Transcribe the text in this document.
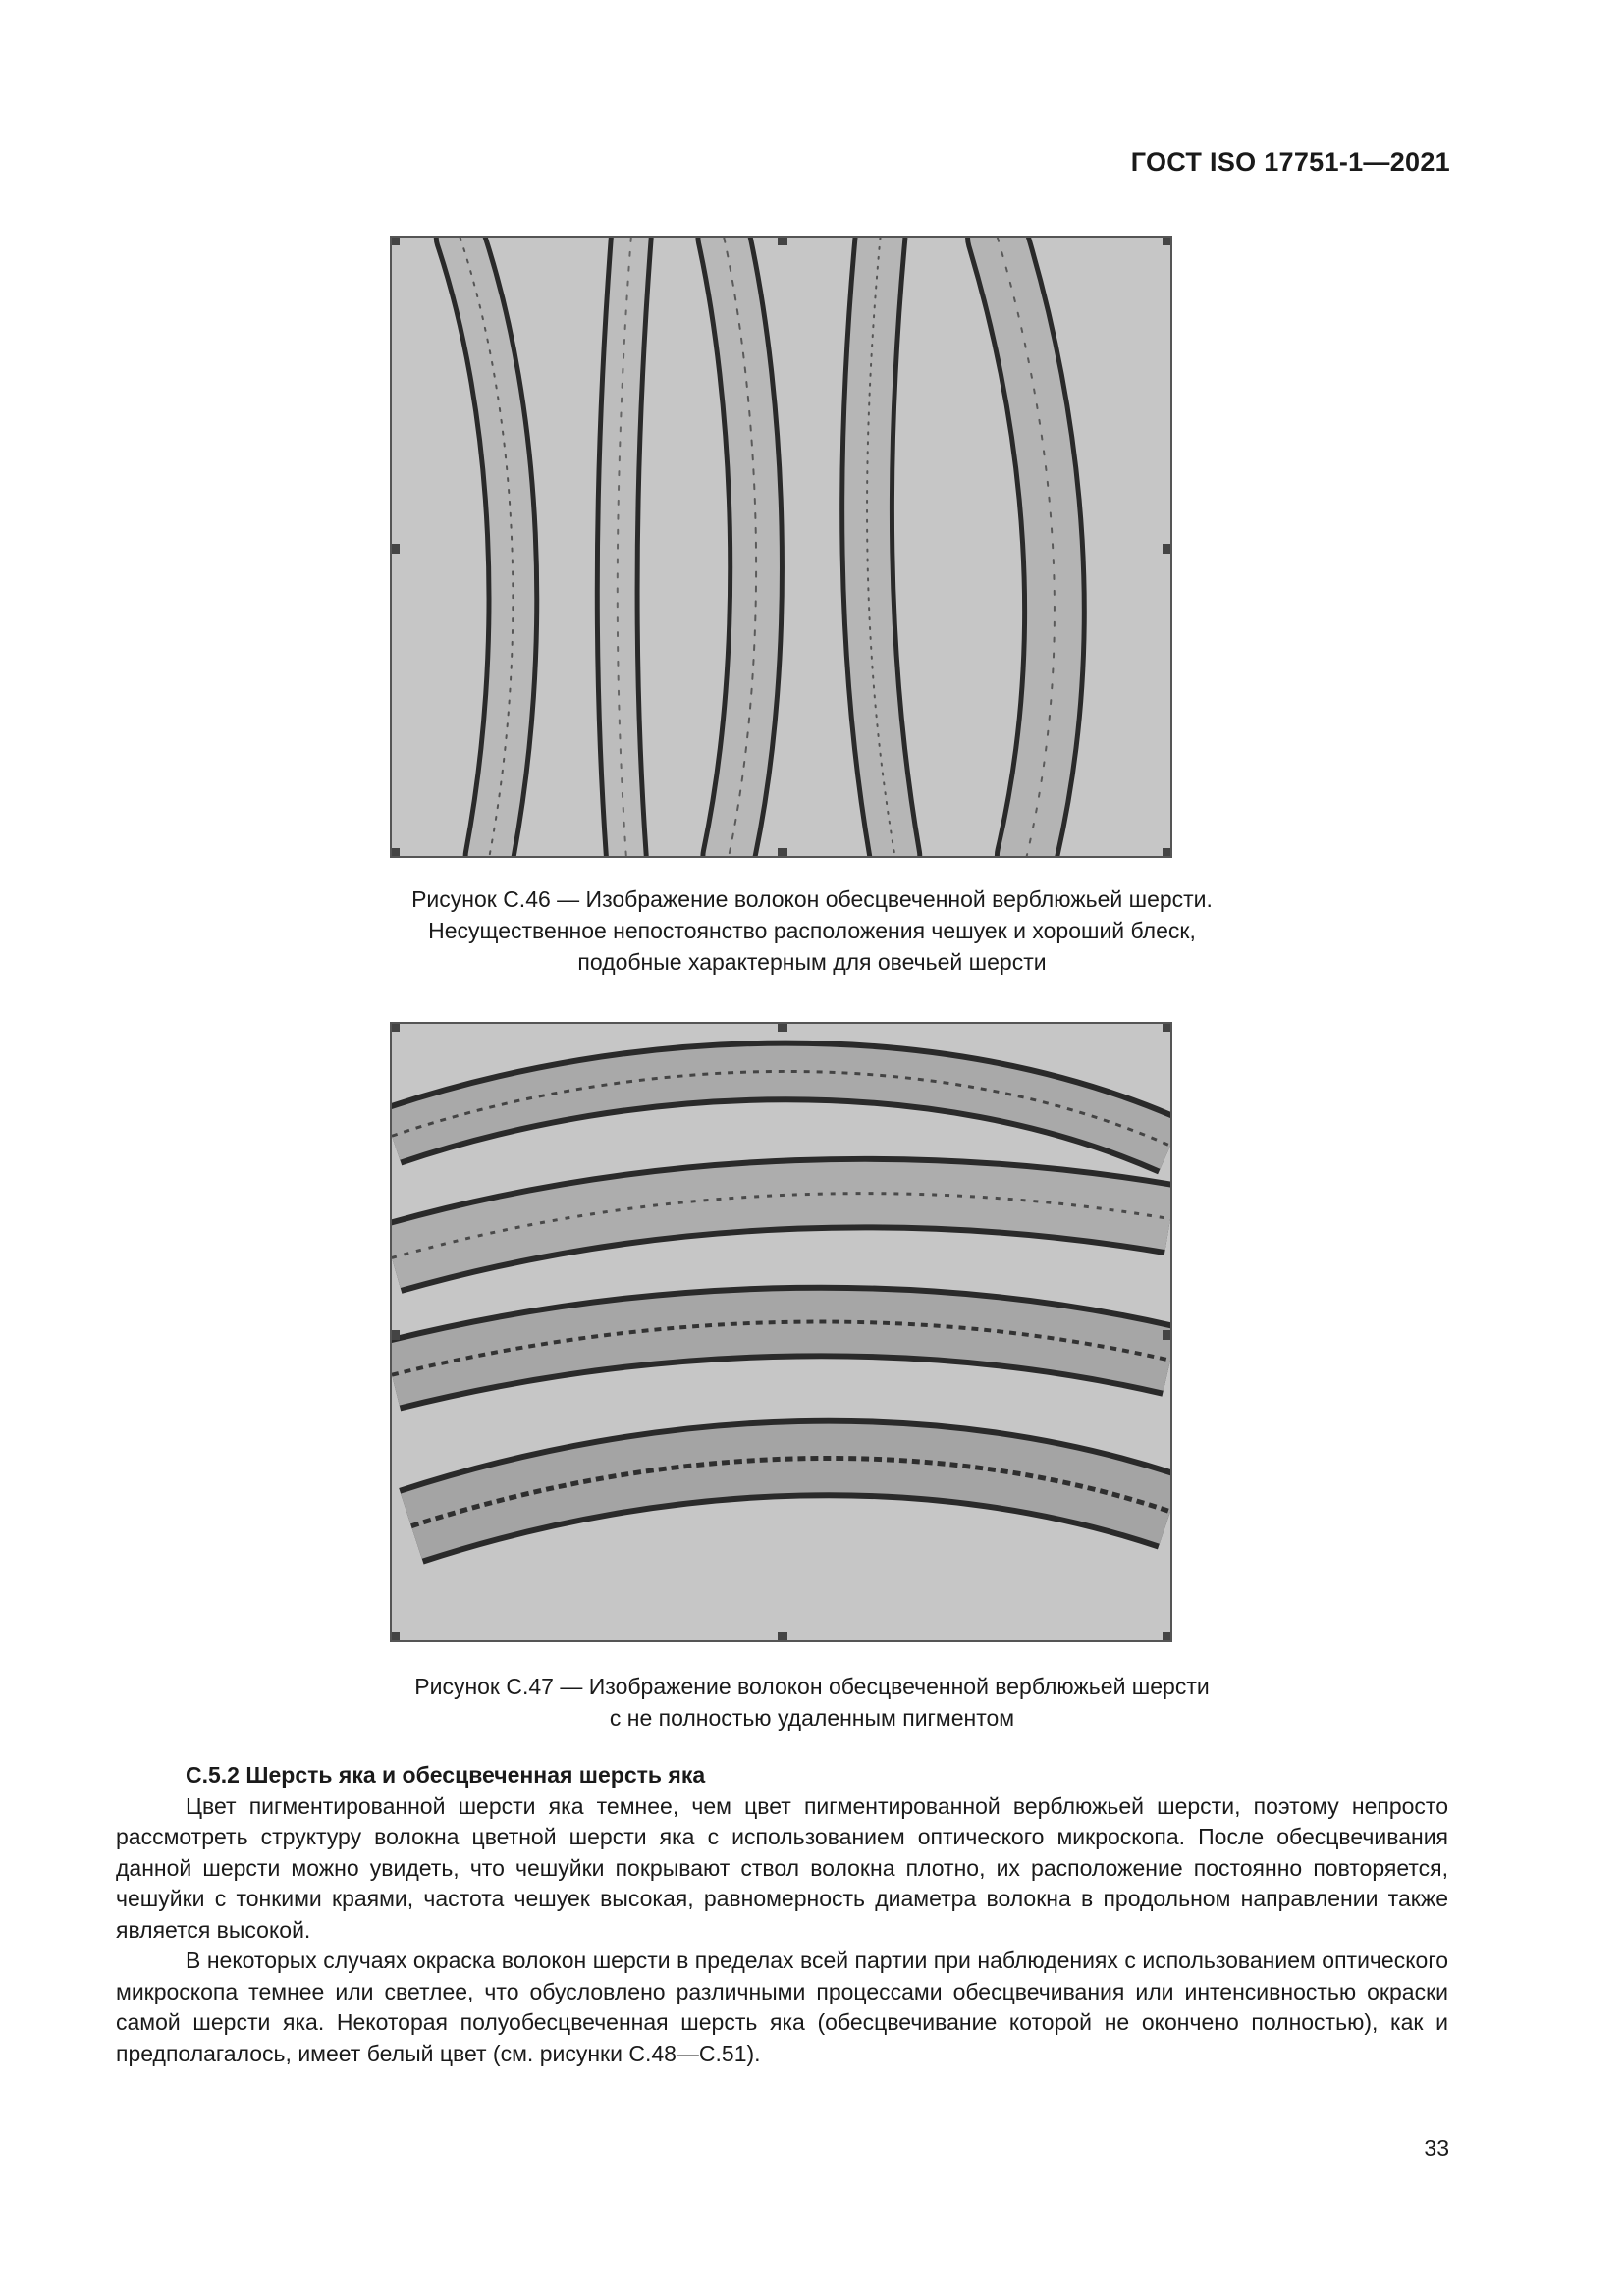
ГОСТ ISO 17751-1—2021
Рисунок С.46 — Изображение волокон обесцвеченной верблюжьей шерсти.
Несущественное непостоянство расположения чешуек и хороший блеск,
подобные характерным для овечьей шерсти
Рисунок С.47 — Изображение волокон обесцвеченной верблюжьей шерсти
с не полностью удаленным пигментом
С.5.2 Шерсть яка и обесцвеченная шерсть яка

Цвет пигментированной шерсти яка темнее, чем цвет пигментированной верблюжьей шерсти, поэтому непросто рассмотреть структуру волокна цветной шерсти яка с использованием оптического микроскопа. После обесцвечивания данной шерсти можно увидеть, что чешуйки покрывают ствол волокна плотно, их расположение постоянно повторяется, чешуйки с тонкими краями, частота чешуек высокая, равномерность диаметра волокна в продольном направлении также является высокой.

В некоторых случаях окраска волокон шерсти в пределах всей партии при наблюдениях с использованием оптического микроскопа темнее или светлее, что обусловлено различными процессами обесцвечивания или интенсивностью окраски самой шерсти яка. Некоторая полуобесцвеченная шерсть яка (обесцвечивание которой не окончено полностью), как и предполагалось, имеет белый цвет (см. рисунки С.48—С.51).

33
